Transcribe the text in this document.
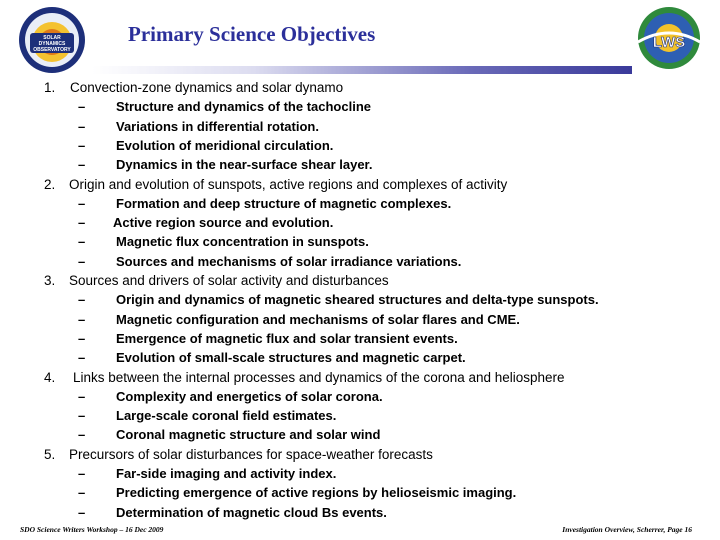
SOLAR
DYNAMICS
OBSERVATORY	LWS
Primary Science Objectives
1. Convection-zone dynamics and solar dynamo
– Structure and dynamics of the tachocline
– Variations in differential rotation.
– Evolution of meridional circulation.
– Dynamics in the near-surface shear layer.
2. Origin and evolution of sunspots, active regions and complexes of activity
– Formation and deep structure of magnetic complexes.
– Active region source and evolution.
– Magnetic flux concentration in sunspots.
– Sources and mechanisms of solar irradiance variations.
3. Sources and drivers of solar activity and disturbances
– Origin and dynamics of magnetic sheared structures and delta-type sunspots.
– Magnetic configuration and mechanisms of solar flares and CME.
– Emergence of magnetic flux and solar transient events.
– Evolution of small-scale structures and magnetic carpet.
4. Links between the internal processes and dynamics of the corona and heliosphere
– Complexity and energetics of solar corona.
– Large-scale coronal field estimates.
– Coronal magnetic structure and solar wind
5. Precursors of solar disturbances for space-weather forecasts
– Far-side imaging and activity index.
– Predicting emergence of active regions by helioseismic imaging.
– Determination of magnetic cloud Bs events.
SDO Science Writers Workshop – 16 Dec 2009	Investigation Overview, Scherrer, Page 16
